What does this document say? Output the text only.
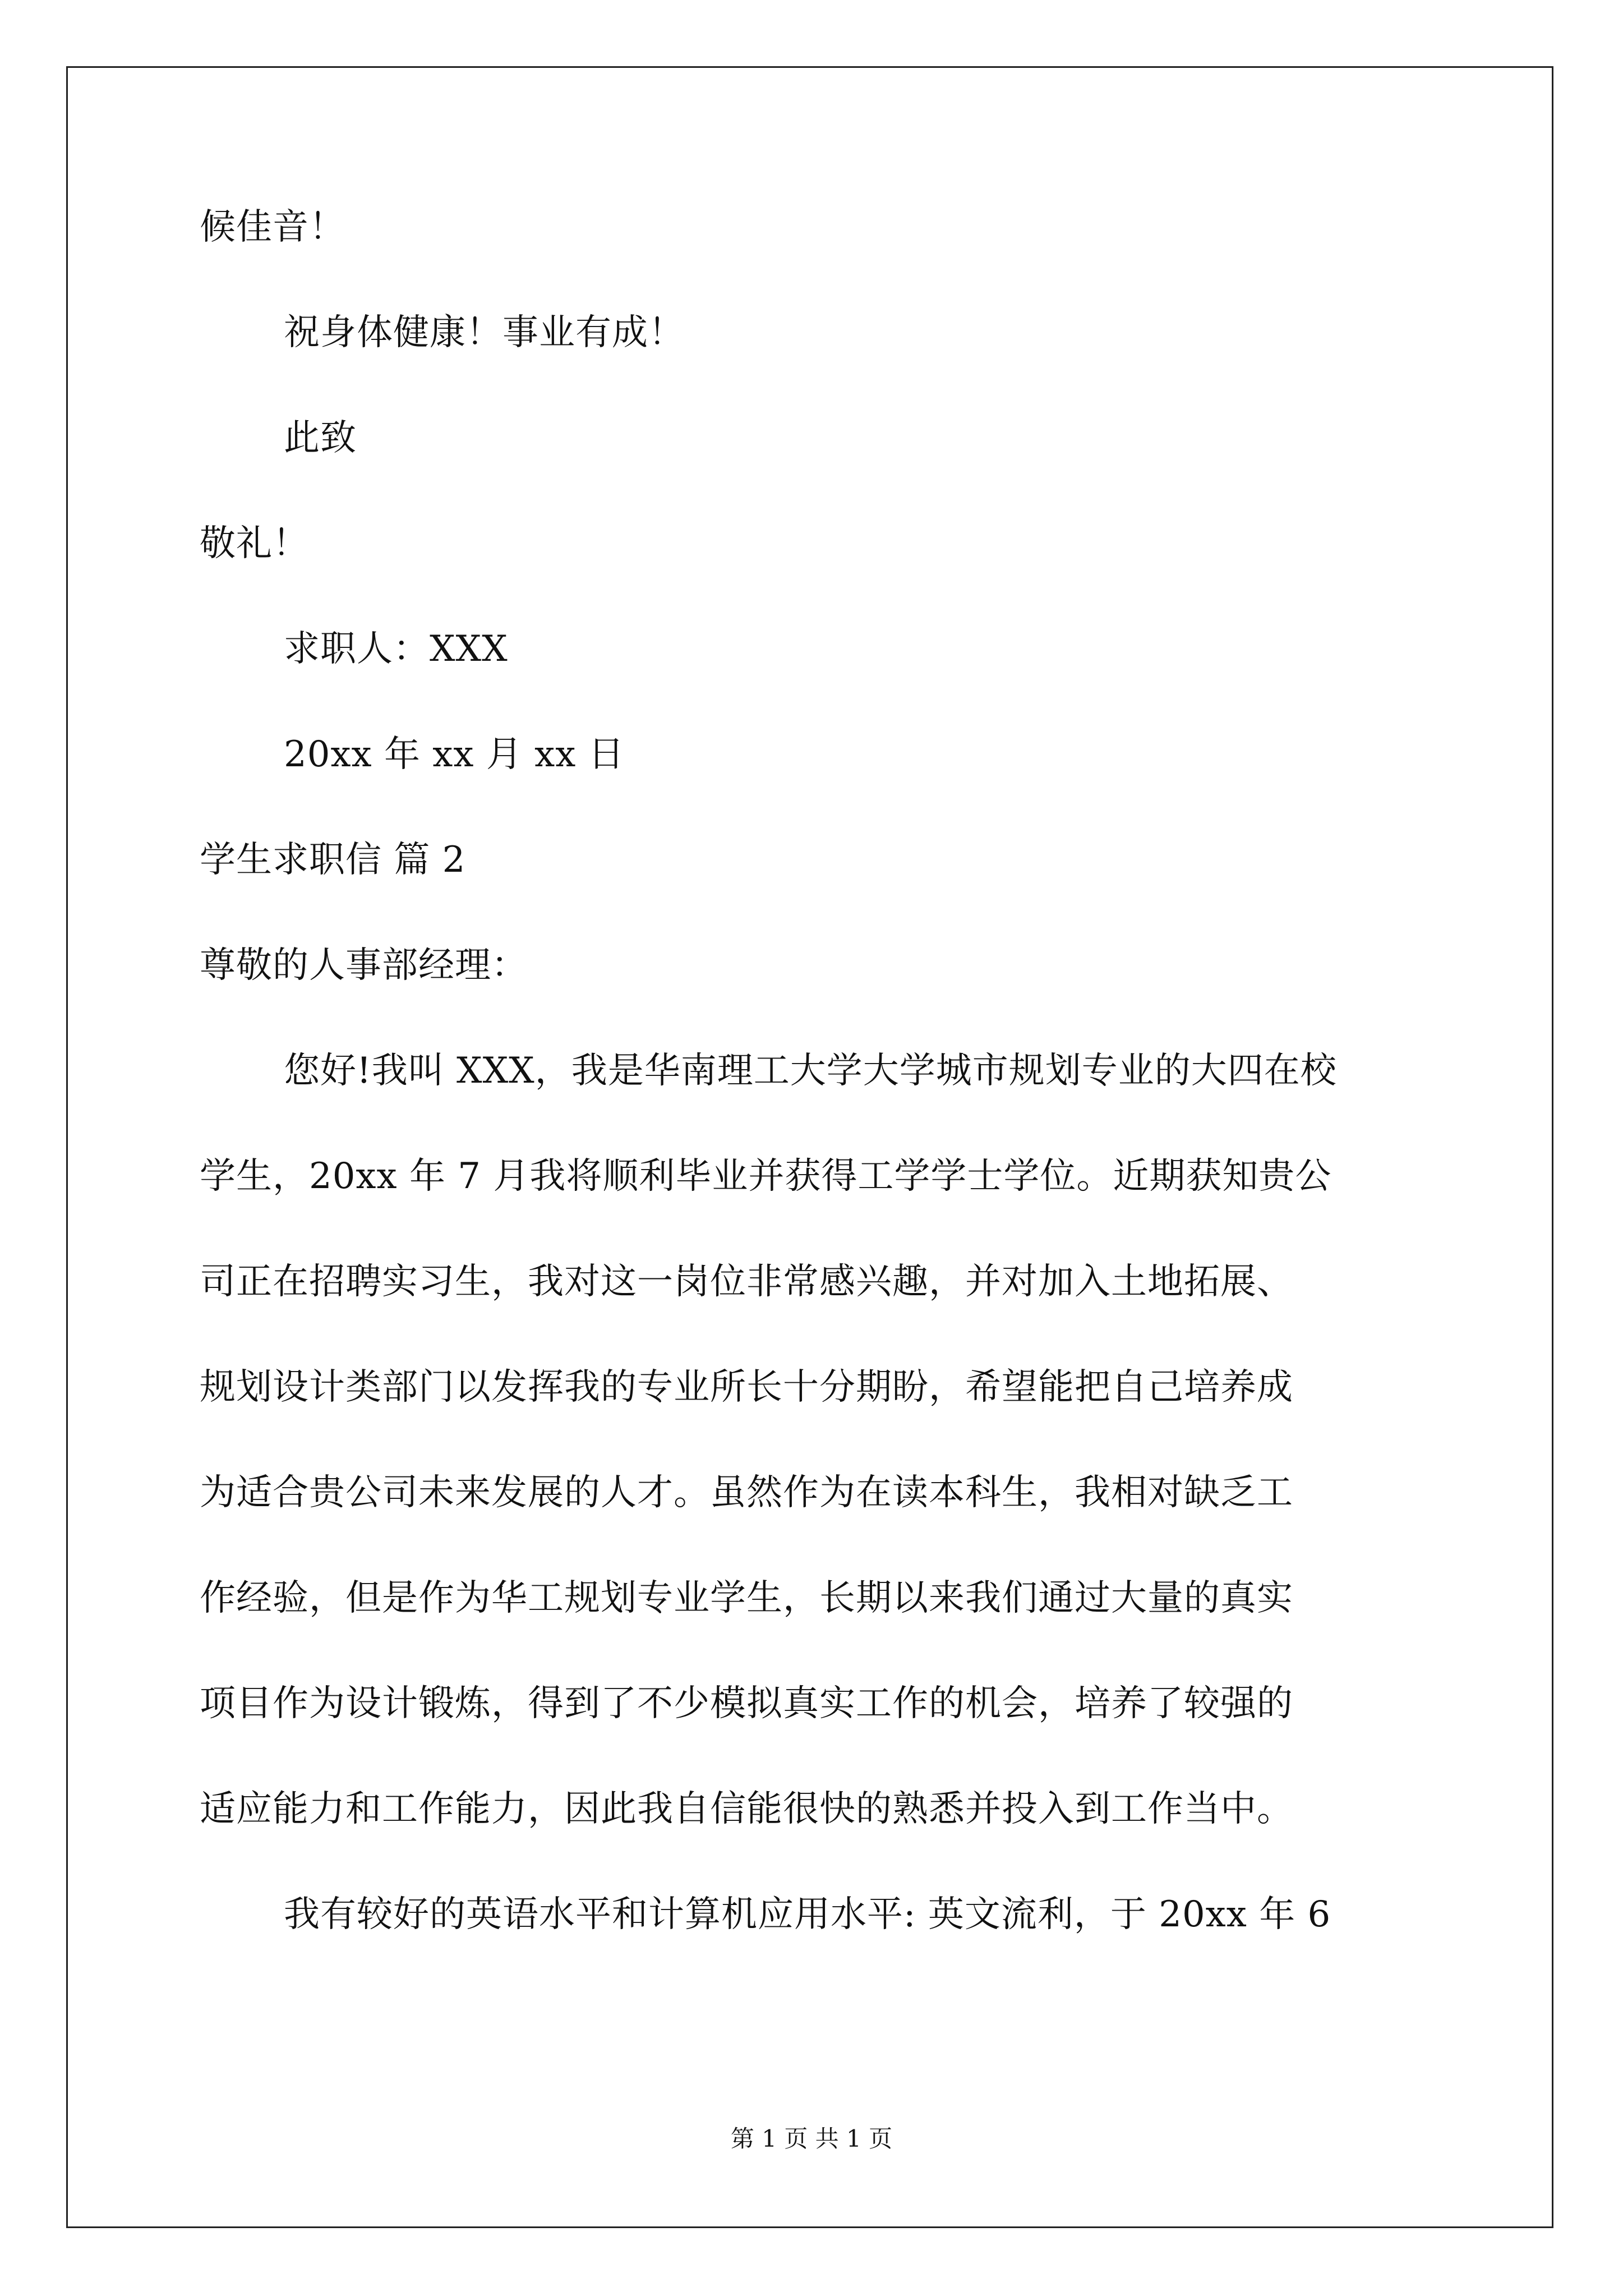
候佳音！
祝身体健康！事业有成！
此致
敬礼！
求职人：XXX
20xx 年 xx 月 xx 日
学生求职信 篇 2
尊敬的人事部经理：
您好!我叫 XXX，我是华南理工大学大学城市规划专业的大四在校
学生，20xx 年 7 月我将顺利毕业并获得工学学士学位。近期获知贵公
司正在招聘实习生，我对这一岗位非常感兴趣，并对加入土地拓展、
规划设计类部门以发挥我的专业所长十分期盼，希望能把自己培养成
为适合贵公司未来发展的人才。虽然作为在读本科生，我相对缺乏工
作经验，但是作为华工规划专业学生，长期以来我们通过大量的真实
项目作为设计锻炼，得到了不少模拟真实工作的机会，培养了较强的
适应能力和工作能力，因此我自信能很快的熟悉并投入到工作当中。
我有较好的英语水平和计算机应用水平: 英文流利，于 20xx 年 6
第 1 页 共 1 页
